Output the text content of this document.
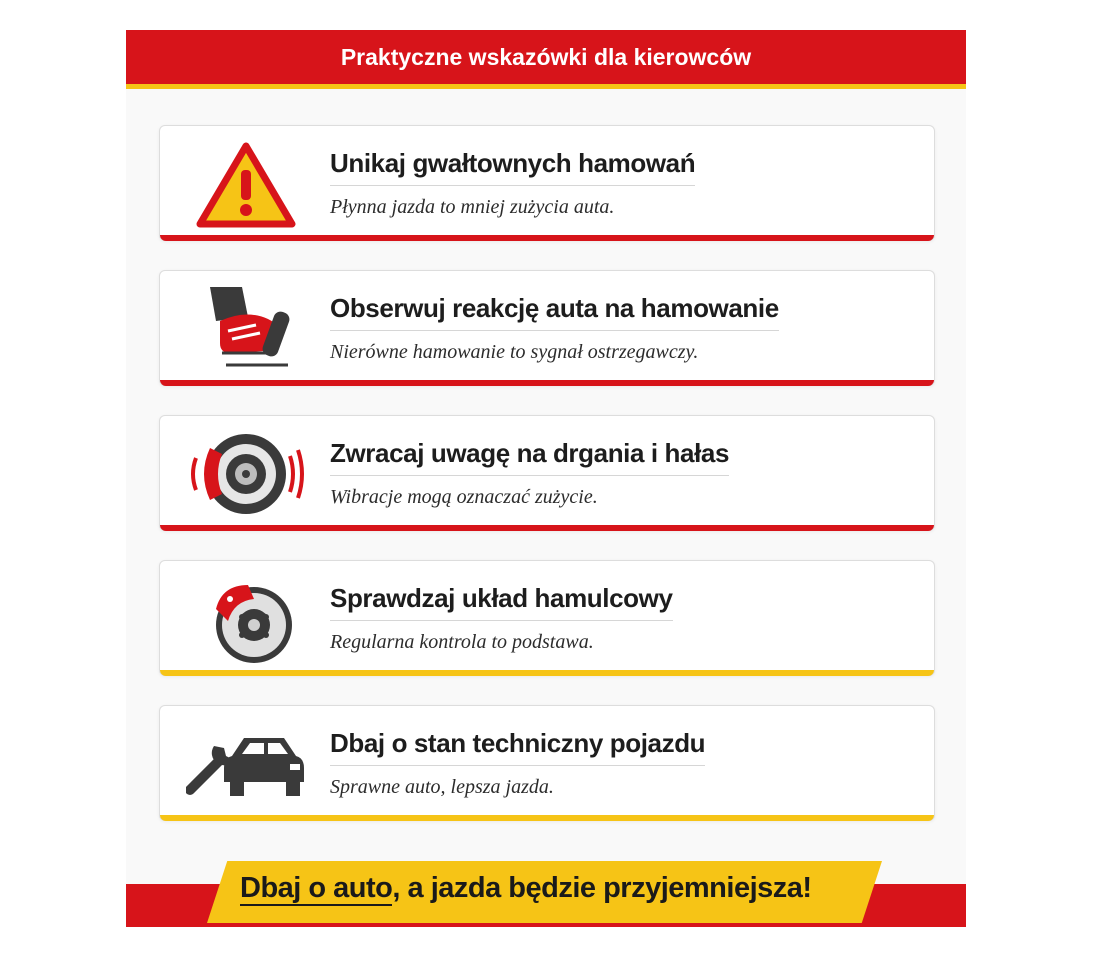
Praktyczne wskazówki dla kierowców
Unikaj gwałtownych hamowań
Płynna jazda to mniej zużycia auta.
Obserwuj reakcję auta na hamowanie
Nierówne hamowanie to sygnał ostrzegawczy.
Zwracaj uwagę na drgania i hałas
Wibracje mogą oznaczać zużycie.
Sprawdzaj układ hamulcowy
Regularna kontrola to podstawa.
Dbaj o stan techniczny pojazdu
Sprawne auto, lepsza jazda.
Dbaj o auto, a jazda będzie przyjemniejsza!
